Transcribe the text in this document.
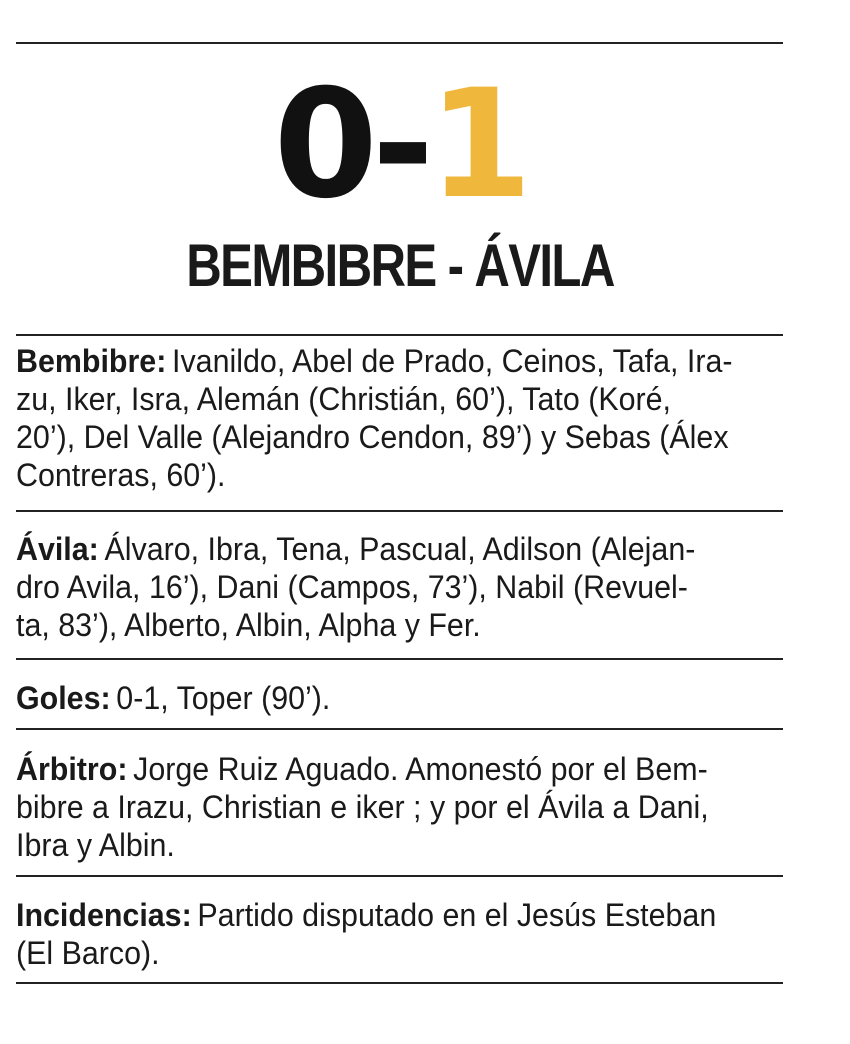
0-1
BEMBIBRE - ÁVILA
Bembibre: Ivanildo, Abel de Prado, Ceinos, Tafa, Ira-
zu, Iker, Isra, Alemán (Christián, 60’), Tato (Koré,
20’), Del Valle (Alejandro Cendon, 89’) y Sebas (Álex
Contreras, 60’).
Ávila: Álvaro, Ibra, Tena, Pascual, Adilson (Alejan-
dro Avila, 16’), Dani (Campos, 73’), Nabil (Revuel-
ta, 83’), Alberto, Albin, Alpha y Fer.
Goles: 0-1, Toper (90’).
Árbitro: Jorge Ruiz Aguado. Amonestó por el Bem-
bibre a Irazu, Christian e iker ; y por el Ávila a Dani,
Ibra y Albin.
Incidencias: Partido disputado en el Jesús Esteban
(El Barco).
